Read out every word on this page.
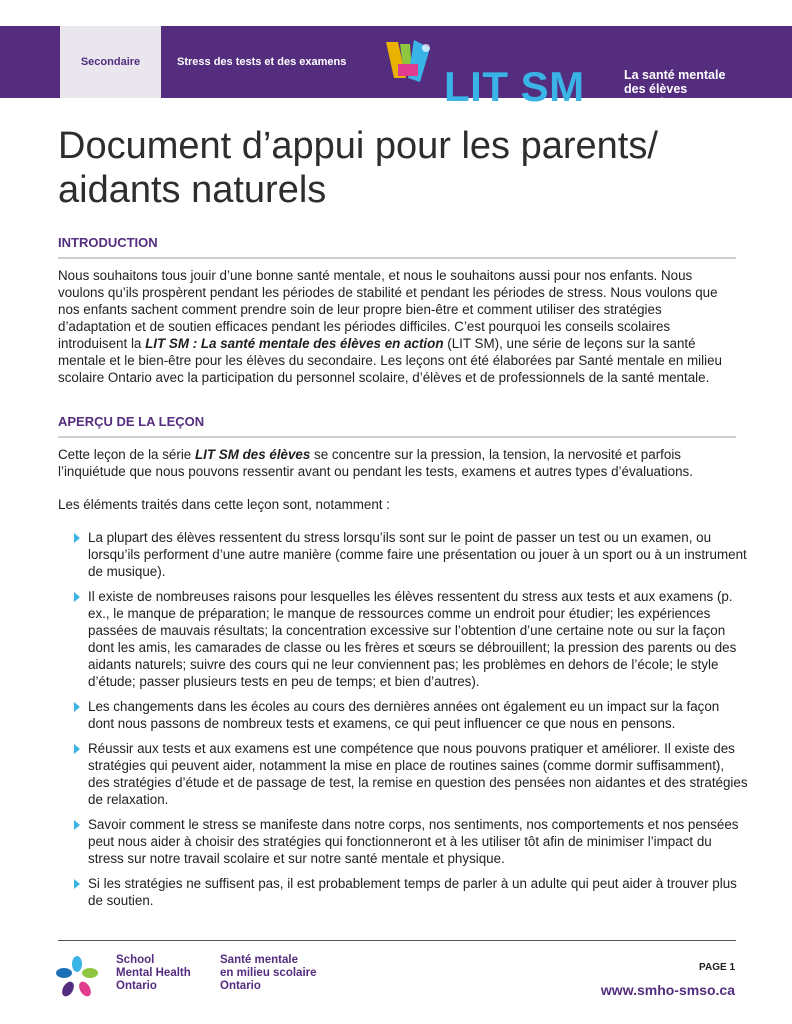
Secondaire	Stress des tests et des examens
LIT SM	La santé mentale
des élèves
en action
Document d’appui pour les parents/
aidants naturels
INTRODUCTION

Nous souhaitons tous jouir d’une bonne santé mentale, et nous le souhaitons aussi pour nos enfants. Nous voulons qu’ils prospèrent pendant les périodes de stabilité et pendant les périodes de stress. Nous voulons que nos enfants sachent comment prendre soin de leur propre bien-être et comment utiliser des stratégies d’adaptation et de soutien efficaces pendant les périodes difficiles. C’est pourquoi les conseils scolaires introduisent la LIT SM : La santé mentale des élèves en action (LIT SM), une série de leçons sur la santé mentale et le bien-être pour les élèves du secondaire. Les leçons ont été élaborées par Santé mentale en milieu scolaire Ontario avec la participation du personnel scolaire, d’élèves et de professionnels de la santé mentale.

APERÇU DE LA LEÇON

Cette leçon de la série LIT SM des élèves se concentre sur la pression, la tension, la nervosité et parfois l’inquiétude que nous pouvons ressentir avant ou pendant les tests, examens et autres types d’évaluations.

Les éléments traités dans cette leçon sont, notamment :

La plupart des élèves ressentent du stress lorsqu’ils sont sur le point de passer un test ou un examen, ou lorsqu’ils performent d’une autre manière (comme faire une présentation ou jouer à un sport ou à un instrument de musique).
Il existe de nombreuses raisons pour lesquelles les élèves ressentent du stress aux tests et aux examens (p. ex., le manque de préparation; le manque de ressources comme un endroit pour étudier; les expériences passées de mauvais résultats; la concentration excessive sur l’obtention d’une certaine note ou sur la façon dont les amis, les camarades de classe ou les frères et sœurs se débrouillent; la pression des parents ou des aidants naturels; suivre des cours qui ne leur conviennent pas; les problèmes en dehors de l’école; le style d’étude; passer plusieurs tests en peu de temps; et bien d’autres).
Les changements dans les écoles au cours des dernières années ont également eu un impact sur la façon dont nous passons de nombreux tests et examens, ce qui peut influencer ce que nous en pensons.
Réussir aux tests et aux examens est une compétence que nous pouvons pratiquer et améliorer. Il existe des stratégies qui peuvent aider, notamment la mise en place de routines saines (comme dormir suffisamment), des stratégies d’étude et de passage de test, la remise en question des pensées non aidantes et des stratégies de relaxation.
Savoir comment le stress se manifeste dans notre corps, nos sentiments, nos comportements et nos pensées peut nous aider à choisir des stratégies qui fonctionneront et à les utiliser tôt afin de minimiser l’impact du stress sur notre travail scolaire et sur notre santé mentale et physique.
Si les stratégies ne suffisent pas, il est probablement temps de parler à un adulte qui peut aider à trouver plus de soutien.
School
Mental Health
Ontario
Santé mentale
en milieu scolaire
Ontario
PAGE 1
www.smho-smso.ca
